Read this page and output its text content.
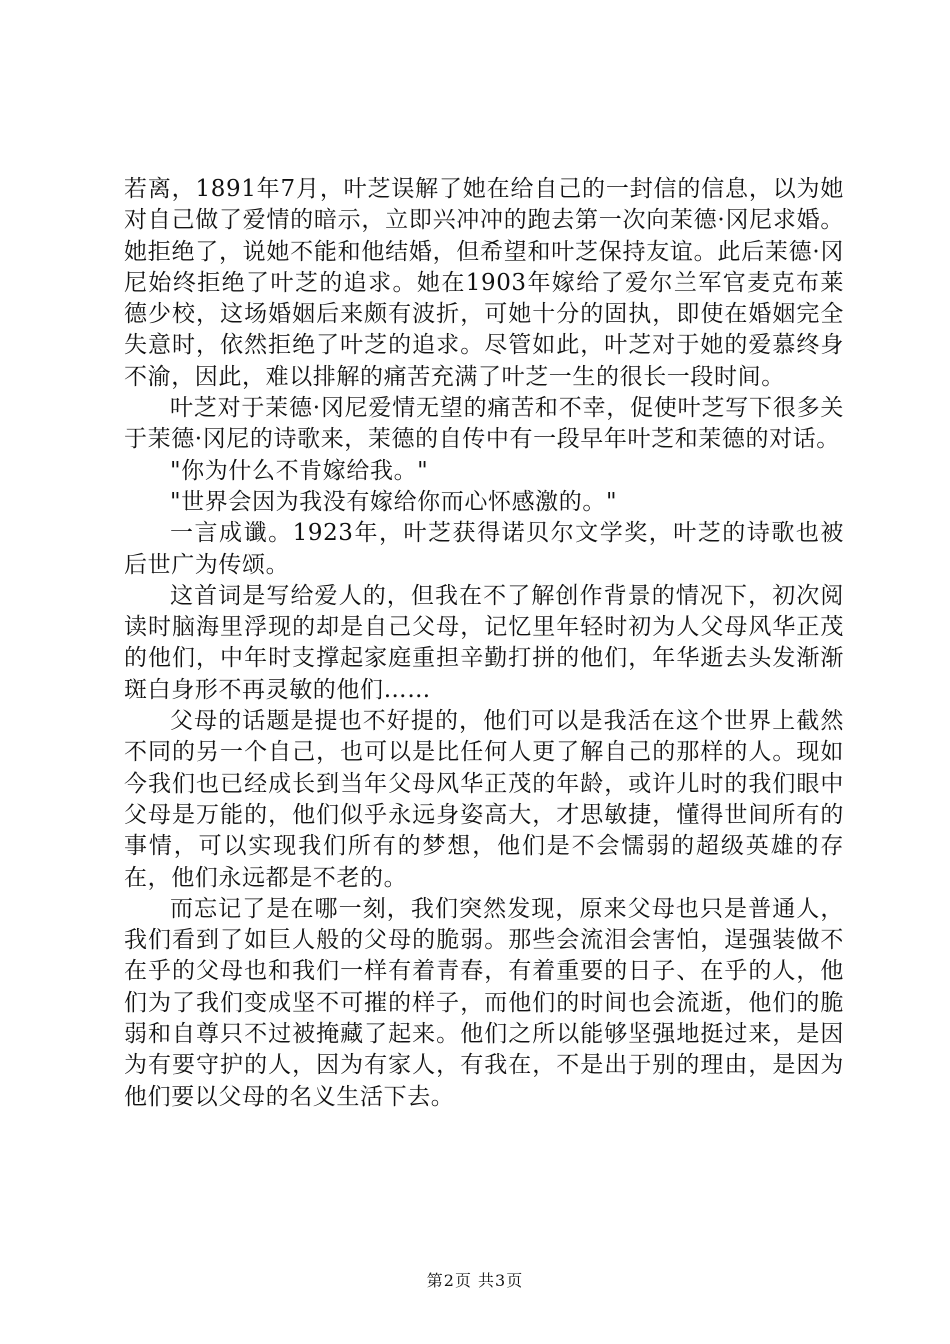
若离，1891年7月，叶芝误解了她在给自己的一封信的信息，以为她对自己做了爱情的暗示，立即兴冲冲的跑去第一次向茉德·冈尼求婚。她拒绝了，说她不能和他结婚，但希望和叶芝保持友谊。此后茉德·冈尼始终拒绝了叶芝的追求。她在1903年嫁给了爱尔兰军官麦克布莱德少校，这场婚姻后来颇有波折，可她十分的固执，即使在婚姻完全失意时，依然拒绝了叶芝的追求。尽管如此，叶芝对于她的爱慕终身不渝，因此，难以排解的痛苦充满了叶芝一生的很长一段时间。

叶芝对于茉德·冈尼爱情无望的痛苦和不幸，促使叶芝写下很多关于茉德·冈尼的诗歌来，茉德的自传中有一段早年叶芝和茉德的对话。

"你为什么不肯嫁给我。"

"世界会因为我没有嫁给你而心怀感激的。"

一言成谶。1923年，叶芝获得诺贝尔文学奖，叶芝的诗歌也被后世广为传颂。

这首词是写给爱人的，但我在不了解创作背景的情况下，初次阅读时脑海里浮现的却是自己父母，记忆里年轻时初为人父母风华正茂的他们，中年时支撑起家庭重担辛勤打拼的他们，年华逝去头发渐渐斑白身形不再灵敏的他们……

父母的话题是提也不好提的，他们可以是我活在这个世界上截然不同的另一个自己，也可以是比任何人更了解自己的那样的人。现如今我们也已经成长到当年父母风华正茂的年龄，或许儿时的我们眼中父母是万能的，他们似乎永远身姿高大，才思敏捷，懂得世间所有的事情，可以实现我们所有的梦想，他们是不会懦弱的超级英雄的存在，他们永远都是不老的。

而忘记了是在哪一刻，我们突然发现，原来父母也只是普通人，我们看到了如巨人般的父母的脆弱。那些会流泪会害怕，逞强装做不在乎的父母也和我们一样有着青春，有着重要的日子、在乎的人，他们为了我们变成坚不可摧的样子，而他们的时间也会流逝，他们的脆弱和自尊只不过被掩藏了起来。他们之所以能够坚强地挺过来，是因为有要守护的人，因为有家人，有我在，不是出于别的理由，是因为他们要以父母的名义生活下去。

第2页 共3页
